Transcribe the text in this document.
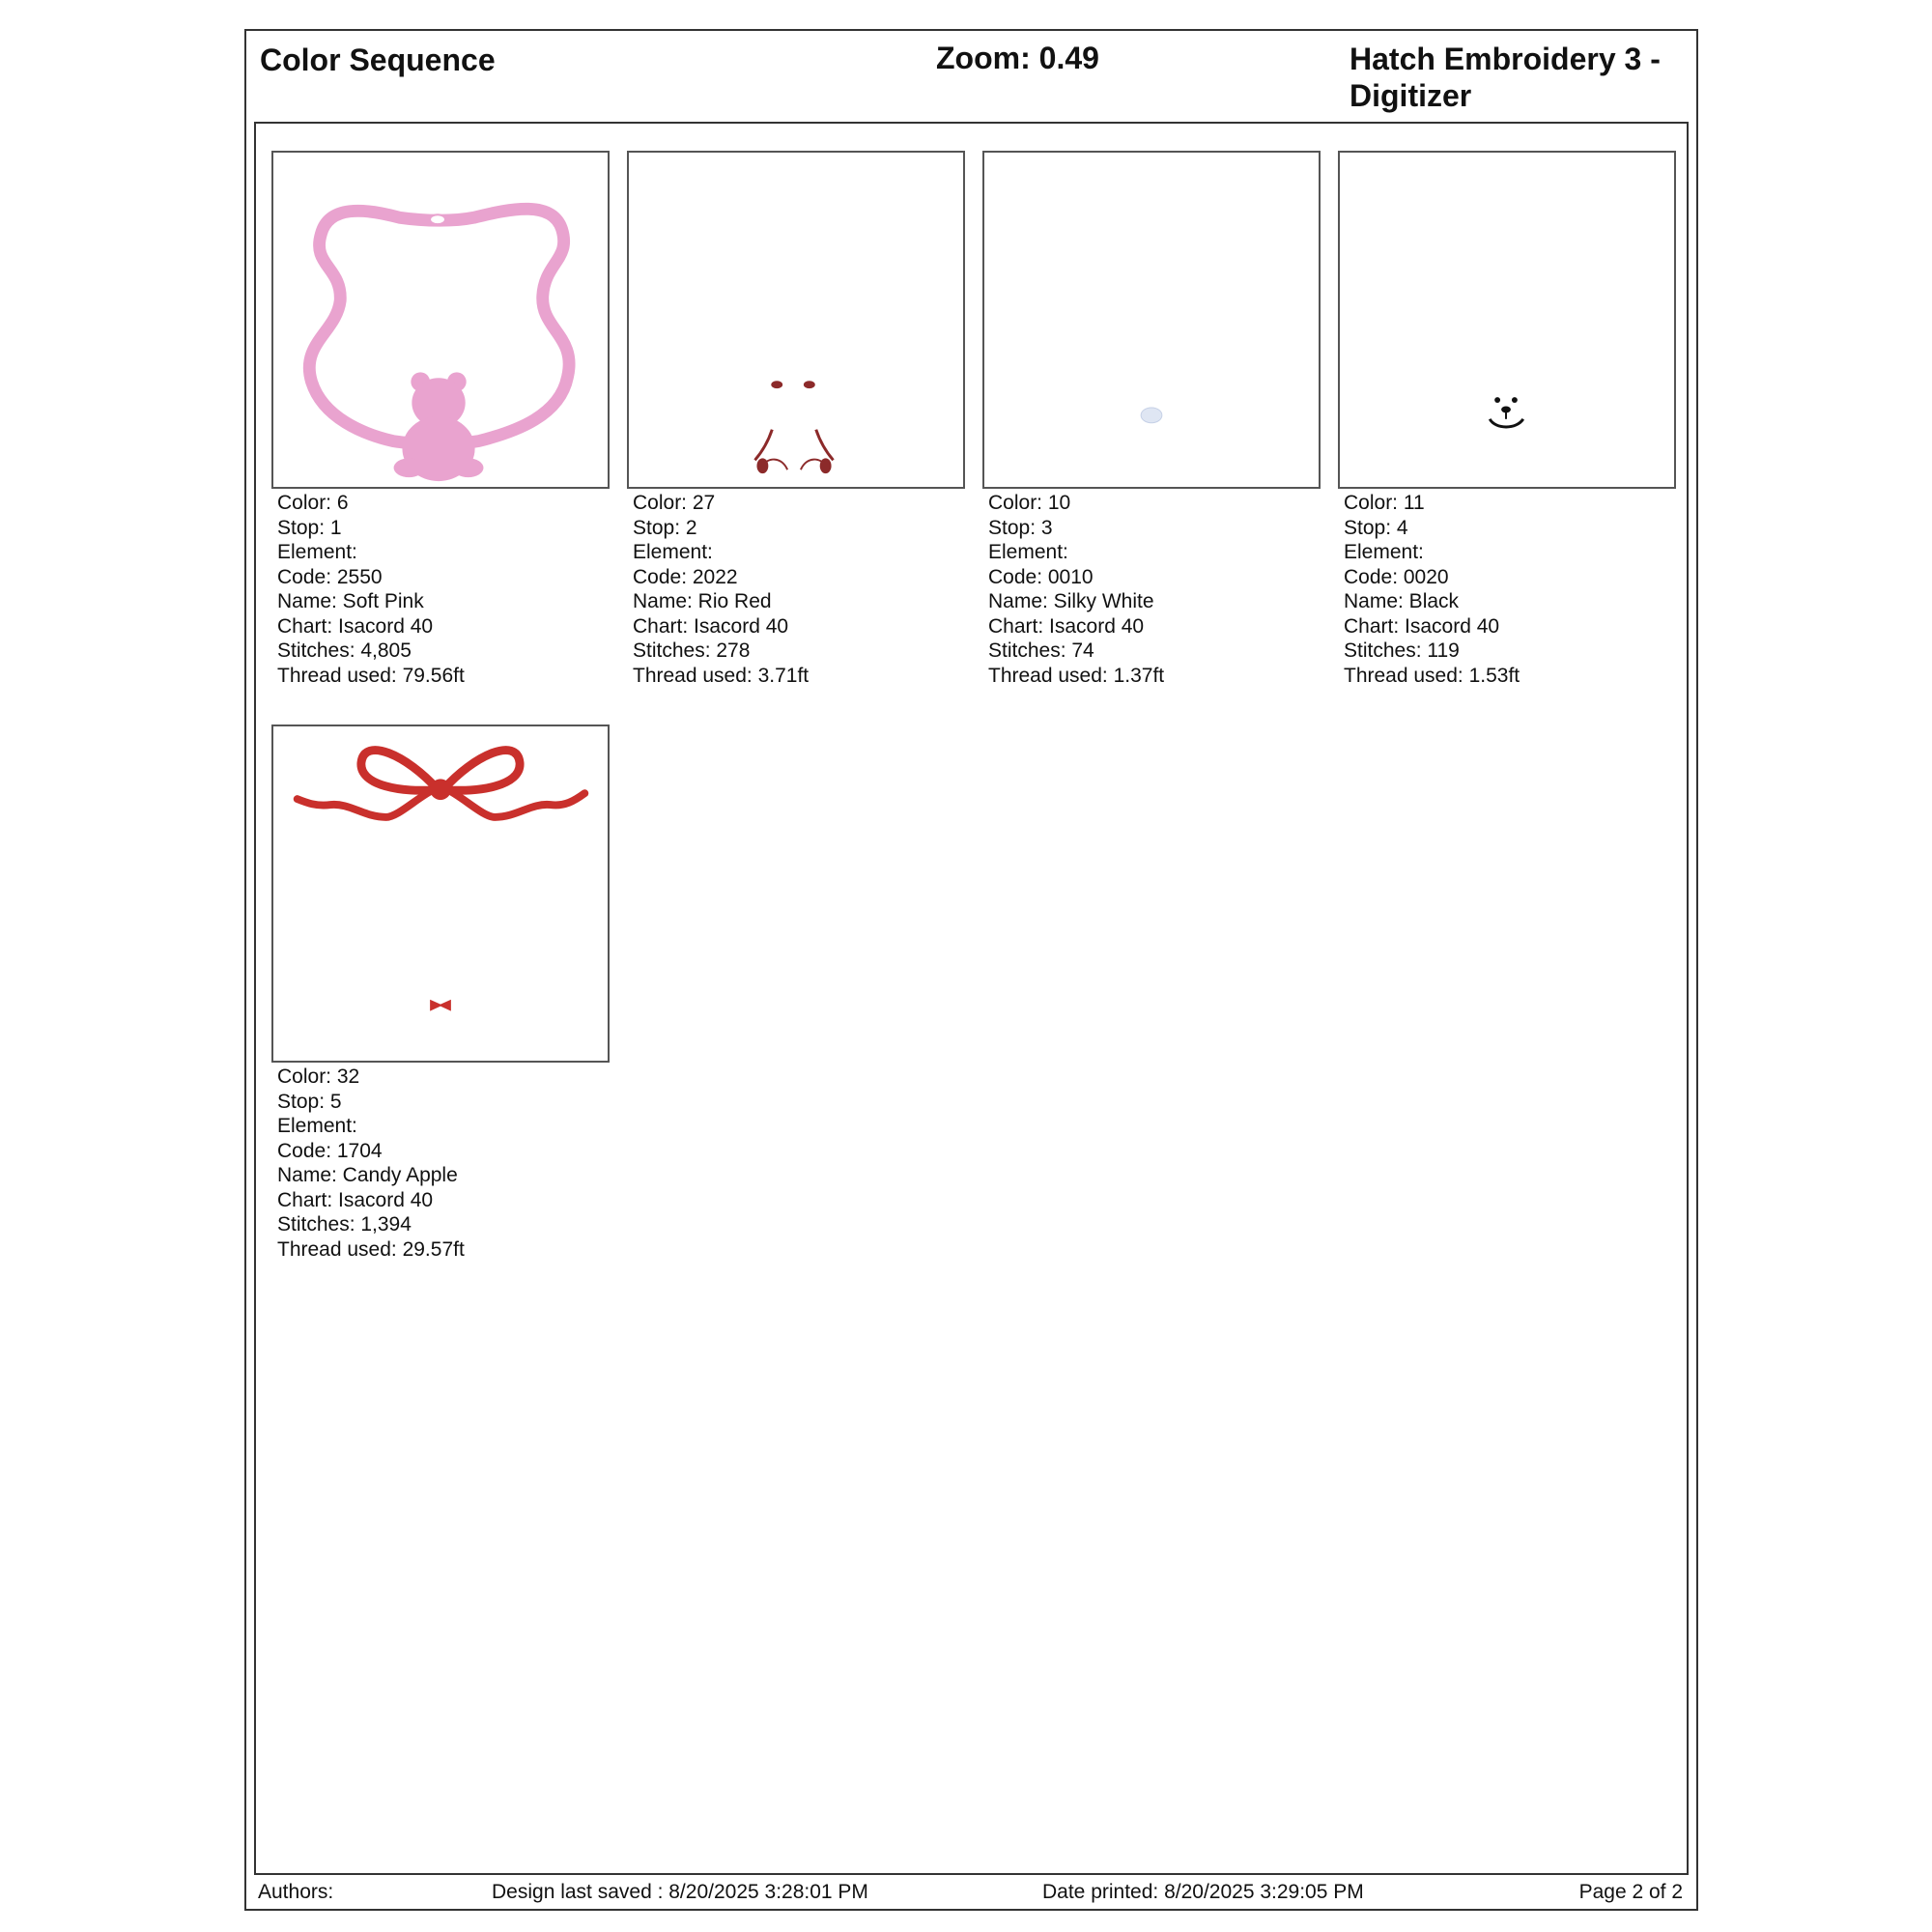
Color Sequence	Zoom: 0.49	Hatch Embroidery 3 -
Digitizer
Color: 6
Stop: 1
Element:
Code: 2550
Name: Soft Pink
Chart: Isacord 40
Stitches: 4,805
Thread used: 79.56ft
Color: 27
Stop: 2
Element:
Code: 2022
Name: Rio Red
Chart: Isacord 40
Stitches: 278
Thread used: 3.71ft
Color: 10
Stop: 3
Element:
Code: 0010
Name: Silky White
Chart: Isacord 40
Stitches: 74
Thread used: 1.37ft
Color: 11
Stop: 4
Element:
Code: 0020
Name: Black
Chart: Isacord 40
Stitches: 119
Thread used: 1.53ft
Color: 32
Stop: 5
Element:
Code: 1704
Name: Candy Apple
Chart: Isacord 40
Stitches: 1,394
Thread used: 29.57ft
Authors:	Design last saved : 8/20/2025 3:28:01 PM	Date printed: 8/20/2025 3:29:05 PM	Page 2 of 2
